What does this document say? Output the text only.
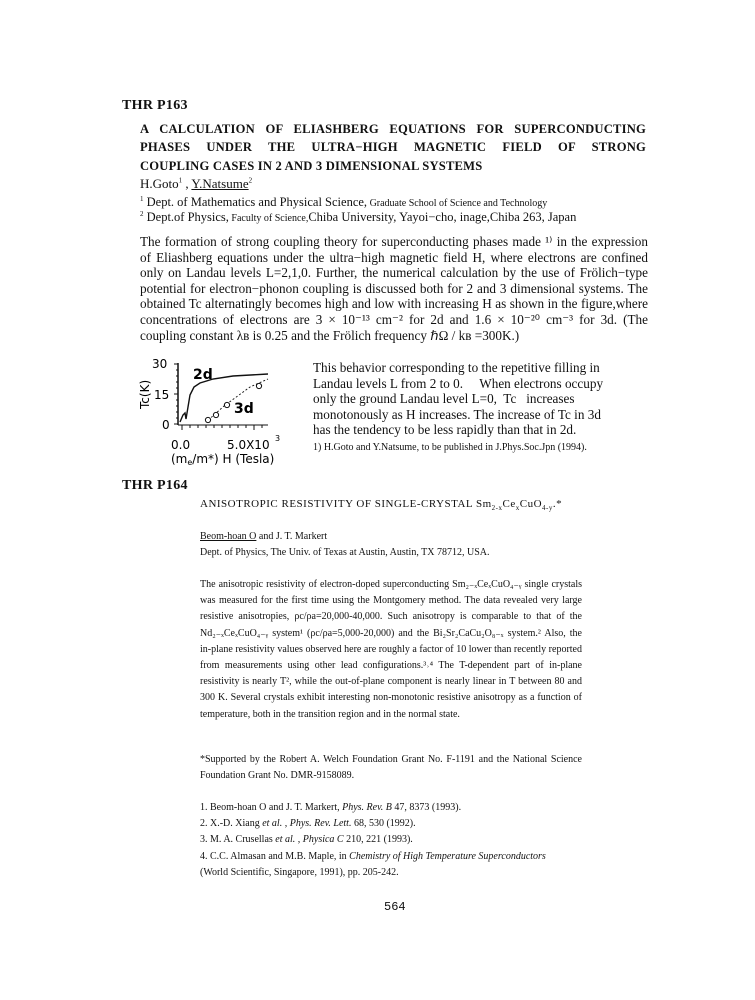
THR P163
A CALCULATION OF ELIASHBERG EQUATIONS FOR SUPERCONDUCTING
PHASES UNDER THE ULTRA−HIGH MAGNETIC FIELD OF STRONG
COUPLING CASES IN 2 AND 3 DIMENSIONAL SYSTEMS
H.Goto$^1$ , Y.Natsume$^2$
$^1$ Dept. of Mathematics and Physical Science, Graduate School of Science and Technology
$^2$ Dept.of Physics, Faculty of Science,Chiba University, Yayoi−cho, inage,Chiba 263, Japan

The formation of strong coupling theory for superconducting phases made ¹⁾ in the expression of Eliashberg equations under the ultra−high magnetic field H, where electrons are confined only on Landau levels L=2,1,0. Further, the numerical calculation by the use of Frölich−type potential for electron−phonon coupling is discussed both for 2 and 3 dimensional systems. The obtained Tc alternatingly becomes high and low with increasing H as shown in the figure,where concentrations of electrons are 3 × 10⁻¹³ cm⁻² for 2d and 1.6 × 10⁻²⁰ cm⁻³ for 3d. (The coupling constant λʙ is 0.25 and the Frölich frequency ℏΩ / kʙ =300K.)

30
15
0
Tc(K)
2d
3d
0.0	5.0X10 3
(me/m*) H (Tesla)
This behavior corresponding to the repetitive filling in
Landau levels L from 2 to 0.     When electrons occupy
only the ground Landau level L=0,  Tc   increases
monotonously as H increases. The increase of Tc in 3d
has the tendency to be less rapidly than that in 2d.
1) H.Goto and Y.Natsume, to be published in J.Phys.Soc.Jpn (1994).
THR P164
ANISOTROPIC RESISTIVITY OF SINGLE-CRYSTAL $Sm_{2-x}Ce_xCuO_{4-y}.*$
Beom-hoan O and J. T. Markert
Dept. of Physics, The Univ. of Texas at Austin, Austin, TX 78712, USA.

The anisotropic resistivity of electron-doped superconducting Sm₂₋ₓCeₓCuO₄₋ᵧ single crystals was measured for the first time using the Montgomery method. The data revealed very large resistive anisotropies, ρc/ρa=20,000-40,000. Such anisotropy is comparable to that of the Nd₂₋ₓCeₓCuO₄₋ᵧ system¹ (ρc/ρa=5,000-20,000) and the Bi₂Sr₂CaCu₂O₈₋ₓ system.² Also, the in-plane resistivity values observed here are roughly a factor of 10 lower than recently reported from measurements using other lead configurations.³˒⁴ The T-dependent part of in-plane resistivity is nearly T², while the out-of-plane component is nearly linear in T between 80 and 300 K. Several crystals exhibit interesting non-monotonic resistive anisotropy as a function of temperature, both in the transition region and in the normal state.

*Supported by the Robert A. Welch Foundation Grant No. F-1191 and the National Science Foundation Grant No. DMR-9158089.
1. Beom-hoan O and J. T. Markert, Phys. Rev. B 47, 8373 (1993).
2. X.-D. Xiang et al. , Phys. Rev. Lett. 68, 530 (1992).
3. M. A. Crusellas et al. , Physica C 210, 221 (1993).
4. C.C. Almasan and M.B. Maple, in Chemistry of High Temperature Superconductors
(World Scientific, Singapore, 1991), pp. 205-242.
564
